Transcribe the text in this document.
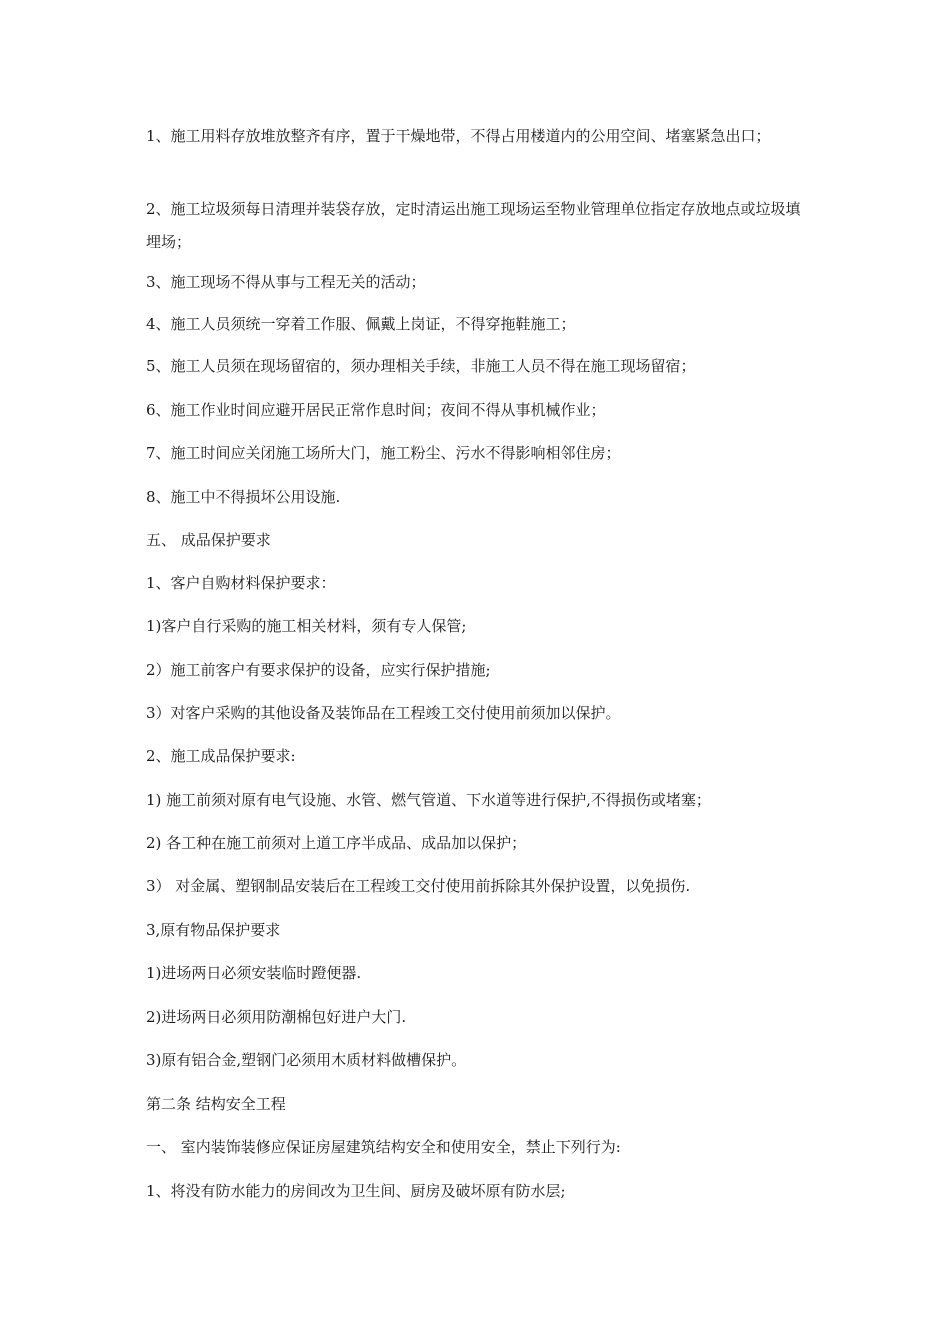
1、施工用料存放堆放整齐有序，置于干燥地带，不得占用楼道内的公用空间、堵塞紧急出口；

2、施工垃圾须每日清理并装袋存放，定时清运出施工现场运至物业管理单位指定存放地点或垃圾填埋场；

3、施工现场不得从事与工程无关的活动；

4、施工人员须统一穿着工作服、佩戴上岗证，不得穿拖鞋施工；

5、施工人员须在现场留宿的，须办理相关手续，非施工人员不得在施工现场留宿；

6、施工作业时间应避开居民正常作息时间；夜间不得从事机械作业；

7、施工时间应关闭施工场所大门，施工粉尘、污水不得影响相邻住房；

8、施工中不得损坏公用设施.

五、 成品保护要求

1、客户自购材料保护要求：

1)客户自行采购的施工相关材料，须有专人保管;

2）施工前客户有要求保护的设备，应实行保护措施;

3）对客户采购的其他设备及装饰品在工程竣工交付使用前须加以保护。

2、施工成品保护要求:

1) 施工前须对原有电气设施、水管、燃气管道、下水道等进行保护,不得损伤或堵塞；

2) 各工种在施工前须对上道工序半成品、成品加以保护；

3） 对金属、塑钢制品安装后在工程竣工交付使用前拆除其外保护设置，以免损伤.

3,原有物品保护要求

1)进场两日必须安装临时蹬便器.

2)进场两日必须用防潮棉包好进户大门.

3)原有铝合金,塑钢门必须用木质材料做槽保护。

第二条 结构安全工程

一、 室内装饰装修应保证房屋建筑结构安全和使用安全，禁止下列行为:

1、将没有防水能力的房间改为卫生间、厨房及破坏原有防水层;
